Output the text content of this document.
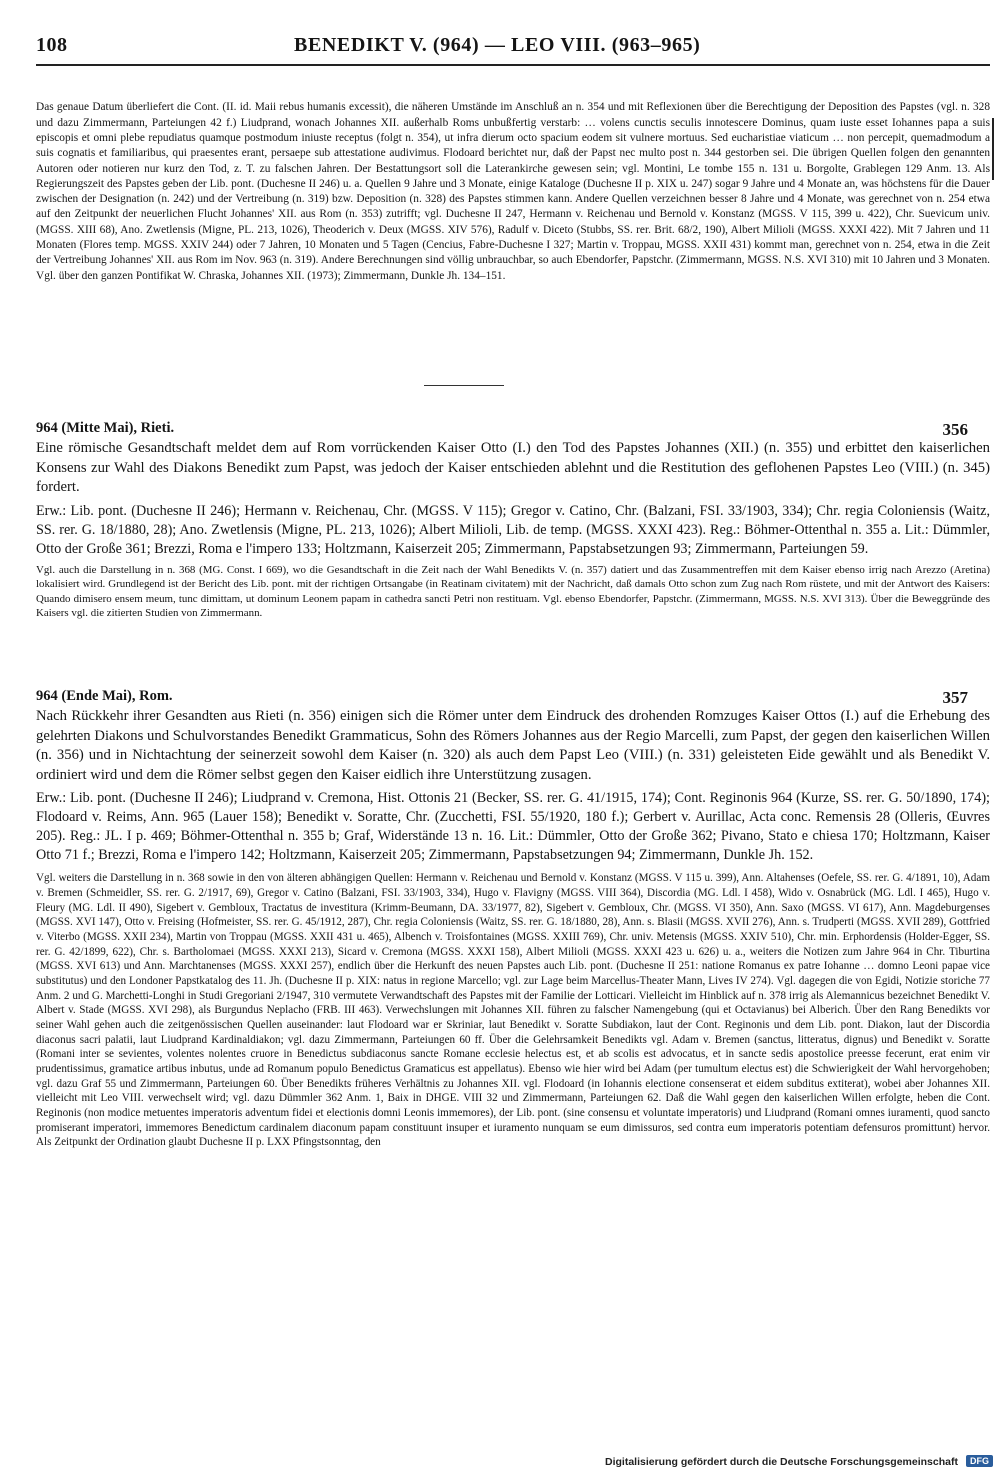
108	BENEDIKT V. (964) — LEO VIII. (963–965)

Das genaue Datum überliefert die Cont. (II. id. Maii rebus humanis excessit), die näheren Umstände im Anschluß an n. 354 und mit Reflexionen über die Berechtigung der Deposition des Papstes (vgl. n. 328 und dazu Zimmermann, Parteiungen 42 f.) Liudprand, wonach Johannes XII. außerhalb Roms unbußfertig verstarb: … volens cunctis seculis innotescere Dominus, quam iuste esset Iohannes papa a suis episcopis et omni plebe repudiatus quamque postmodum iniuste receptus (folgt n. 354), ut infra dierum octo spacium eodem sit vulnere mortuus. Sed eucharistiae viaticum … non percepit, quemadmodum a suis cognatis et familiaribus, qui praesentes erant, persaepe sub attestatione audivimus. Flodoard berichtet nur, daß der Papst nec multo post n. 344 gestorben sei. Die übrigen Quellen folgen den genannten Autoren oder notieren nur kurz den Tod, z. T. zu falschen Jahren. Der Bestattungsort soll die Laterankirche gewesen sein; vgl. Montini, Le tombe 155 n. 131 u. Borgolte, Grablegen 129 Anm. 13. Als Regierungszeit des Papstes geben der Lib. pont. (Duchesne II 246) u. a. Quellen 9 Jahre und 3 Monate, einige Kataloge (Duchesne II p. XIX u. 247) sogar 9 Jahre und 4 Monate an, was höchstens für die Dauer zwischen der Designation (n. 242) und der Vertreibung (n. 319) bzw. Deposition (n. 328) des Papstes stimmen kann. Andere Quellen verzeichnen besser 8 Jahre und 4 Monate, was gerechnet von n. 254 etwa auf den Zeitpunkt der neuerlichen Flucht Johannes' XII. aus Rom (n. 353) zutrifft; vgl. Duchesne II 247, Hermann v. Reichenau und Bernold v. Konstanz (MGSS. V 115, 399 u. 422), Chr. Suevicum univ. (MGSS. XIII 68), Ano. Zwetlensis (Migne, PL. 213, 1026), Theoderich v. Deux (MGSS. XIV 576), Radulf v. Diceto (Stubbs, SS. rer. Brit. 68/2, 190), Albert Milioli (MGSS. XXXI 422). Mit 7 Jahren und 11 Monaten (Flores temp. MGSS. XXIV 244) oder 7 Jahren, 10 Monaten und 5 Tagen (Cencius, Fabre-Duchesne I 327; Martin v. Troppau, MGSS. XXII 431) kommt man, gerechnet von n. 254, etwa in die Zeit der Vertreibung Johannes' XII. aus Rom im Nov. 963 (n. 319). Andere Berechnungen sind völlig unbrauchbar, so auch Ebendorfer, Papstchr. (Zimmermann, MGSS. N.S. XVI 310) mit 10 Jahren und 3 Monaten. Vgl. über den ganzen Pontifikat W. Chraska, Johannes XII. (1973); Zimmermann, Dunkle Jh. 134–151.

964 (Mitte Mai), Rieti.	356

Eine römische Gesandtschaft meldet dem auf Rom vorrückenden Kaiser Otto (I.) den Tod des Papstes Johannes (XII.) (n. 355) und erbittet den kaiserlichen Konsens zur Wahl des Diakons Benedikt zum Papst, was jedoch der Kaiser entschieden ablehnt und die Restitution des geflohenen Papstes Leo (VIII.) (n. 345) fordert.

Erw.: Lib. pont. (Duchesne II 246); Hermann v. Reichenau, Chr. (MGSS. V 115); Gregor v. Catino, Chr. (Balzani, FSI. 33/1903, 334); Chr. regia Coloniensis (Waitz, SS. rer. G. 18/1880, 28); Ano. Zwetlensis (Migne, PL. 213, 1026); Albert Milioli, Lib. de temp. (MGSS. XXXI 423). Reg.: Böhmer-Ottenthal n. 355 a. Lit.: Dümmler, Otto der Große 361; Brezzi, Roma e l'impero 133; Holtzmann, Kaiserzeit 205; Zimmermann, Papstabsetzungen 93; Zimmermann, Parteiungen 59.

Vgl. auch die Darstellung in n. 368 (MG. Const. I 669), wo die Gesandtschaft in die Zeit nach der Wahl Benedikts V. (n. 357) datiert und das Zusammentreffen mit dem Kaiser ebenso irrig nach Arezzo (Aretina) lokalisiert wird. Grundlegend ist der Bericht des Lib. pont. mit der richtigen Ortsangabe (in Reatinam civitatem) mit der Nachricht, daß damals Otto schon zum Zug nach Rom rüstete, und mit der Antwort des Kaisers: Quando dimisero ensem meum, tunc dimittam, ut dominum Leonem papam in cathedra sancti Petri non restituam. Vgl. ebenso Ebendorfer, Papstchr. (Zimmermann, MGSS. N.S. XVI 313). Über die Beweggründe des Kaisers vgl. die zitierten Studien von Zimmermann.

964 (Ende Mai), Rom.	357

Nach Rückkehr ihrer Gesandten aus Rieti (n. 356) einigen sich die Römer unter dem Eindruck des drohenden Romzuges Kaiser Ottos (I.) auf die Erhebung des gelehrten Diakons und Schulvorstandes Benedikt Grammaticus, Sohn des Römers Johannes aus der Regio Marcelli, zum Papst, der gegen den kaiserlichen Willen (n. 356) und in Nichtachtung der seinerzeit sowohl dem Kaiser (n. 320) als auch dem Papst Leo (VIII.) (n. 331) geleisteten Eide gewählt und als Benedikt V. ordiniert wird und dem die Römer selbst gegen den Kaiser eidlich ihre Unterstützung zusagen.

Erw.: Lib. pont. (Duchesne II 246); Liudprand v. Cremona, Hist. Ottonis 21 (Becker, SS. rer. G. 41/1915, 174); Cont. Reginonis 964 (Kurze, SS. rer. G. 50/1890, 174); Flodoard v. Reims, Ann. 965 (Lauer 158); Benedikt v. Soratte, Chr. (Zucchetti, FSI. 55/1920, 180 f.); Gerbert v. Aurillac, Acta conc. Remensis 28 (Olleris, Œuvres 205). Reg.: JL. I p. 469; Böhmer-Ottenthal n. 355 b; Graf, Widerstände 13 n. 16. Lit.: Dümmler, Otto der Große 362; Pivano, Stato e chiesa 170; Holtzmann, Kaiser Otto 71 f.; Brezzi, Roma e l'impero 142; Holtzmann, Kaiserzeit 205; Zimmermann, Papstabsetzungen 94; Zimmermann, Dunkle Jh. 152.

Vgl. weiters die Darstellung in n. 368 sowie in den von älteren abhängigen Quellen: Hermann v. Reichenau und Bernold v. Konstanz (MGSS. V 115 u. 399), Ann. Altahenses (Oefele, SS. rer. G. 4/1891, 10), Adam v. Bremen (Schmeidler, SS. rer. G. 2/1917, 69), Gregor v. Catino (Balzani, FSI. 33/1903, 334), Hugo v. Flavigny (MGSS. VIII 364), Discordia (MG. Ldl. I 458), Wido v. Osnabrück (MG. Ldl. I 465), Hugo v. Fleury (MG. Ldl. II 490), Sigebert v. Gembloux, Tractatus de investitura (Krimm-Beumann, DA. 33/1977, 82), Sigebert v. Gembloux, Chr. (MGSS. VI 350), Ann. Saxo (MGSS. VI 617), Ann. Magdeburgenses (MGSS. XVI 147), Otto v. Freising (Hofmeister, SS. rer. G. 45/1912, 287), Chr. regia Coloniensis (Waitz, SS. rer. G. 18/1880, 28), Ann. s. Blasii (MGSS. XVII 276), Ann. s. Trudperti (MGSS. XVII 289), Gottfried v. Viterbo (MGSS. XXII 234), Martin von Troppau (MGSS. XXII 431 u. 465), Albench v. Troisfontaines (MGSS. XXIII 769), Chr. univ. Metensis (MGSS. XXIV 510), Chr. min. Erphordensis (Holder-Egger, SS. rer. G. 42/1899, 622), Chr. s. Bartholomaei (MGSS. XXXI 213), Sicard v. Cremona (MGSS. XXXI 158), Albert Milioli (MGSS. XXXI 423 u. 626) u. a., weiters die Notizen zum Jahre 964 in Chr. Tiburtina (MGSS. XVI 613) und Ann. Marchtanenses (MGSS. XXXI 257), endlich über die Herkunft des neuen Papstes auch Lib. pont. (Duchesne II 251: natione Romanus ex patre Iohanne … domno Leoni papae vice substitutus) und den Londoner Papstkatalog des 11. Jh. (Duchesne II p. XIX: natus in regione Marcello; vgl. zur Lage beim Marcellus-Theater Mann, Lives IV 274). Vgl. dagegen die von Egidi, Notizie storiche 77 Anm. 2 und G. Marchetti-Longhi in Studi Gregoriani 2/1947, 310 vermutete Verwandtschaft des Papstes mit der Familie der Lotticari. Vielleicht im Hinblick auf n. 378 irrig als Alemannicus bezeichnet Benedikt V. Albert v. Stade (MGSS. XVI 298), als Burgundus Neplacho (FRB. III 463). Verwechslungen mit Johannes XII. führen zu falscher Namengebung (qui et Octavianus) bei Alberich. Über den Rang Benedikts vor seiner Wahl gehen auch die zeitgenössischen Quellen auseinander: laut Flodoard war er Skriniar, laut Benedikt v. Soratte Subdiakon, laut der Cont. Reginonis und dem Lib. pont. Diakon, laut der Discordia diaconus sacri palatii, laut Liudprand Kardinaldiakon; vgl. dazu Zimmermann, Parteiungen 60 ff. Über die Gelehrsamkeit Benedikts vgl. Adam v. Bremen (sanctus, litteratus, dignus) und Benedikt v. Soratte (Romani inter se sevientes, volentes nolentes cruore in Benedictus subdiaconus sancte Romane ecclesie helectus est, et ab scolis est advocatus, et in sancte sedis apostolice preesse fecerunt, erat enim vir prudentissimus, gramatice artibus inbutus, unde ad Romanum populo Benedictus Gramaticus est appellatus). Ebenso wie hier wird bei Adam (per tumultum electus est) die Schwierigkeit der Wahl hervorgehoben; vgl. dazu Graf 55 und Zimmermann, Parteiungen 60. Über Benedikts früheres Verhältnis zu Johannes XII. vgl. Flodoard (in Iohannis electione consenserat et eidem subditus extiterat), wobei aber Johannes XII. vielleicht mit Leo VIII. verwechselt wird; vgl. dazu Dümmler 362 Anm. 1, Baix in DHGE. VIII 32 und Zimmermann, Parteiungen 62. Daß die Wahl gegen den kaiserlichen Willen erfolgte, heben die Cont. Reginonis (non modice metuentes imperatoris adventum fidei et electionis domni Leonis immemores), der Lib. pont. (sine consensu et voluntate imperatoris) und Liudprand (Romani omnes iuramenti, quod sancto promiserant imperatori, immemores Benedictum cardinalem diaconum papam constituunt insuper et iuramento nunquam se eum dimissuros, sed contra eum imperatoris potentiam defensuros promittunt) hervor. Als Zeitpunkt der Ordination glaubt Duchesne II p. LXX Pfingstsonntag, den

Digitalisierung gefördert durch die Deutsche Forschungsgemeinschaft DFG
